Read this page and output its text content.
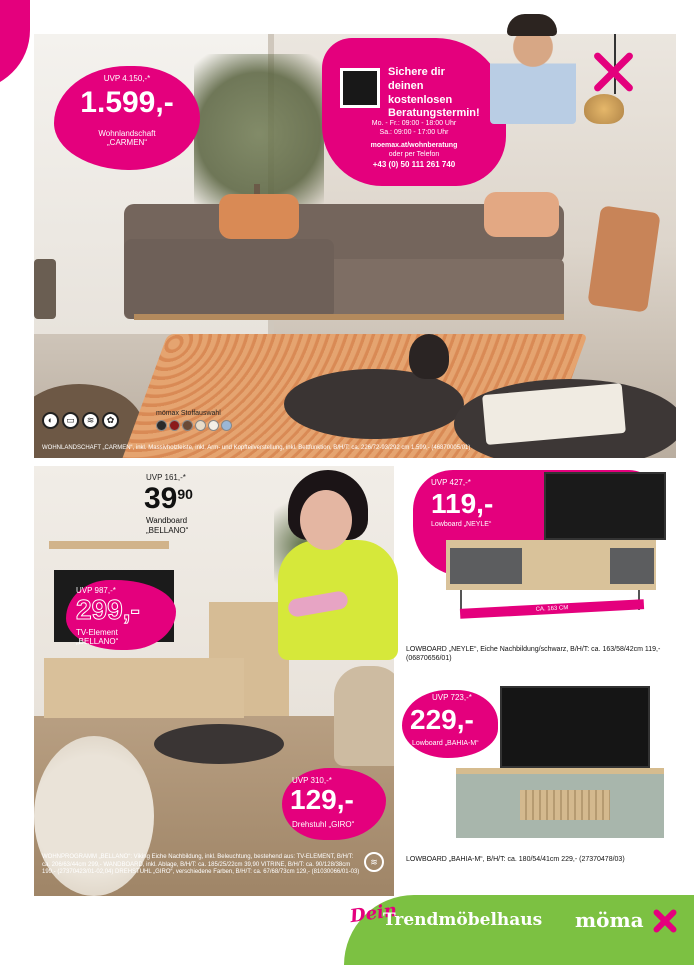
UVP 4.150,-*
1.599,-
Wohnlandschaft
„CARMEN“
Sichere dir
deinen
kostenlosen
Beratungstermin!
Mo. - Fr.: 09:00 - 18:00 Uhr
Sa.: 09:00 - 17:00 Uhr
moemax.at/wohnberatung
oder per Telefon
+43 (0) 50 111 261 740
◐	▭	≋	✿
mömax Stoffauswahl
WOHNLANDSCHAFT „CARMEN“, inkl. Massivholzleiste, inkl. Arm- und Kopfteilverstellung, inkl. Bettfunktion, B/H/T: ca. 226/72-93/292 cm 1.599,- (46870005/01)
UVP 161,-*
$39^{90}$
Wandboard
„BELLANO“
UVP 987,-*
299,-
TV-Element
„BELLANO“
UVP 310,-*
129,-
Drehstuhl „GIRO“
WOHNPROGRAMM „BELLANO“: Viking Eiche Nachbildung, inkl. Beleuchtung, bestehend aus: TV-ELEMENT, B/H/T: ca. 206/63/44cm 299,- WANDBOARD, inkl. Ablage, B/H/T: ca. 185/25/22cm 39,90 VITRINE, B/H/T: ca. 90/128/38cm 199,- (27370423/01-02,04) DREHSTUHL „GIRO“, verschiedene Farben, B/H/T: ca. 67/68/73cm 129,- (81030066/01-03)
≋
UVP 427,-*
119,-
Lowboard „NEYLE“
CA. 163 CM
LOWBOARD „NEYLE“, Eiche Nachbildung/schwarz, B/H/T: ca. 163/58/42cm 119,- (06870656/01)
UVP 723,-*
229,-
Lowboard „BAHIA-M“
LOWBOARD „BAHIA-M“, B/H/T: ca. 180/54/41cm 229,- (27370478/03)
Dein
Trendmöbelhaus möma
